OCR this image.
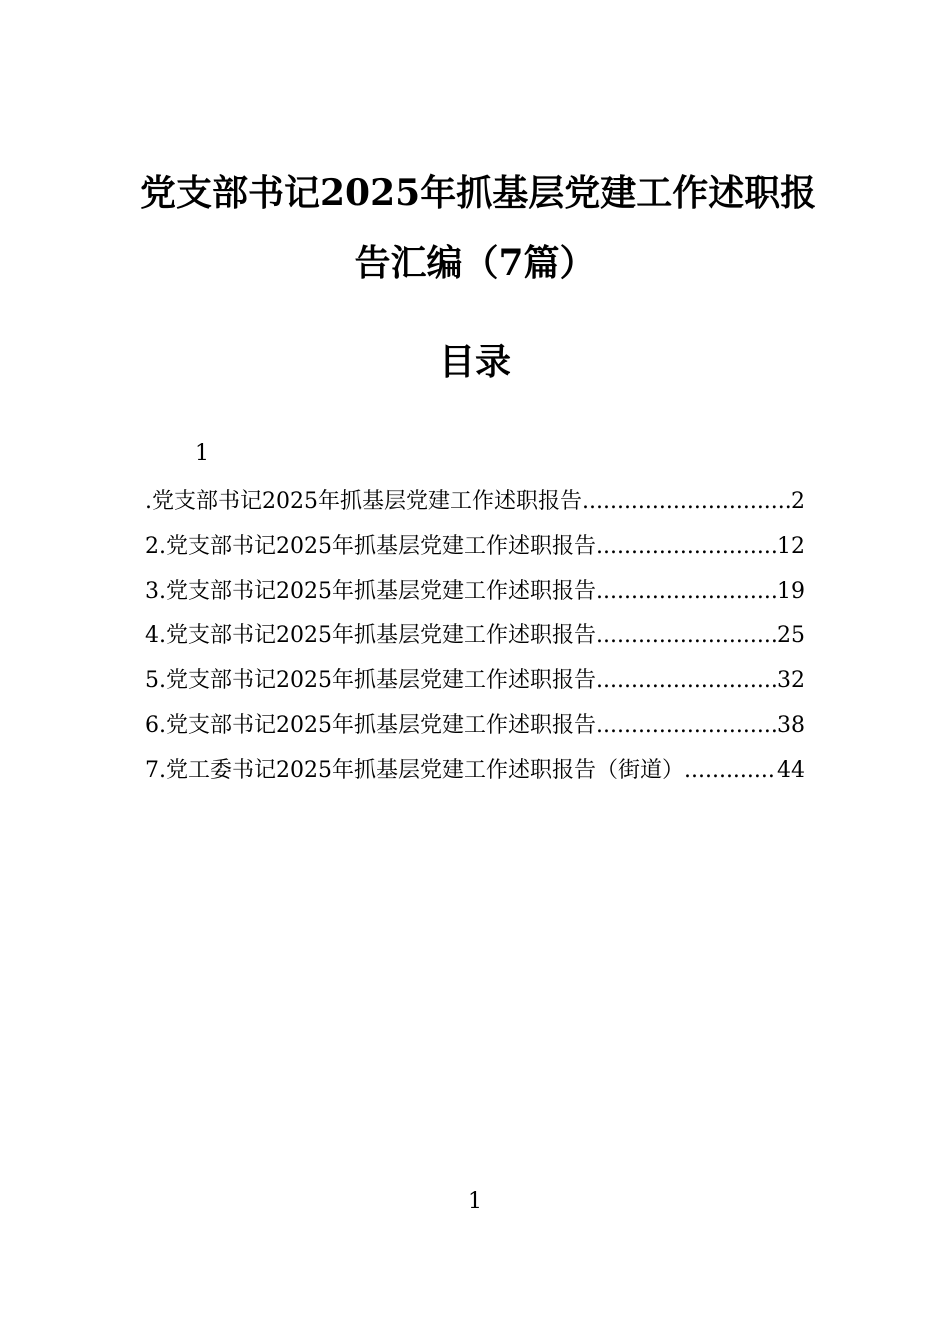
党支部书记2025年抓基层党建工作述职报
告汇编（7篇）
目录
1
.党支部书记2025年抓基层党建工作述职报告 .....	2
2.党支部书记2025年抓基层党建工作述职报告 .....	12
3.党支部书记2025年抓基层党建工作述职报告 .....	19
4.党支部书记2025年抓基层党建工作述职报告 .....	25
5.党支部书记2025年抓基层党建工作述职报告 .....	32
6.党支部书记2025年抓基层党建工作述职报告 .....	38
7.党工委书记2025年抓基层党建工作述职报告（街道） .....	44
1
